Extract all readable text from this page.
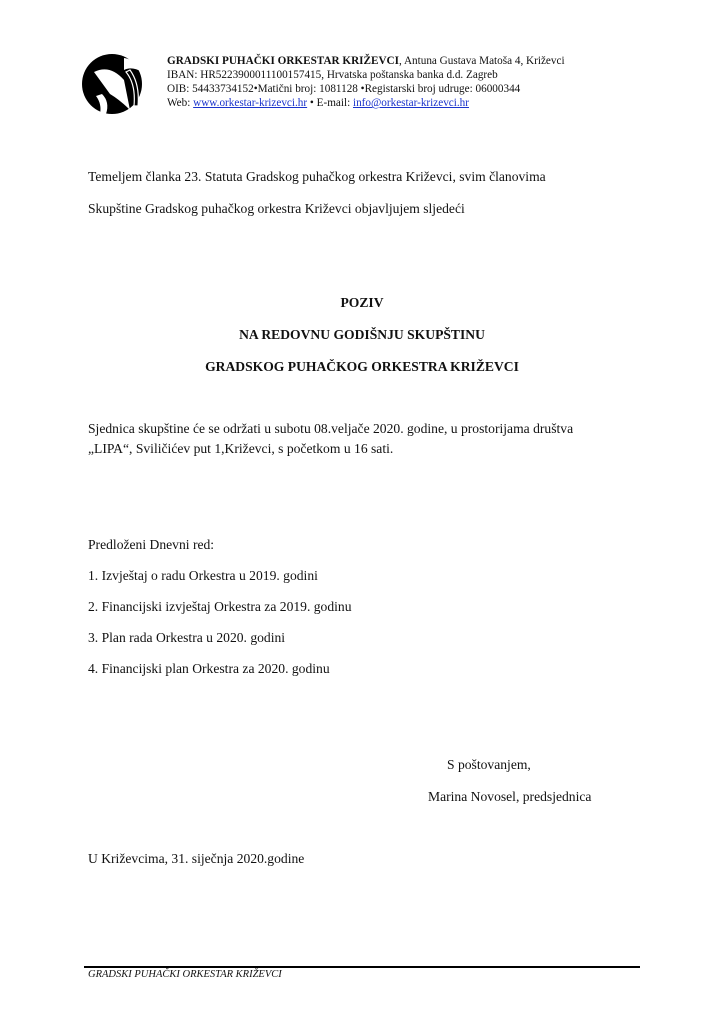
GRADSKI PUHAČKI ORKESTAR KRIŽEVCI, Antuna Gustava Matoša 4, Križevci
IBAN: HR5223900011100157415, Hrvatska poštanska banka d.d. Zagreb
OIB: 54433734152•Matični broj: 1081128 •Registarski broj udruge: 06000344
Web: www.orkestar-krizevci.hr • E-mail: info@orkestar-krizevci.hr
Temeljem članka 23. Statuta Gradskog puhačkog orkestra Križevci, svim članovima
Skupštine Gradskog puhačkog orkestra Križevci objavljujem sljedeći
POZIV
NA REDOVNU GODIŠNJU SKUPŠTINU
GRADSKOG PUHAČKOG ORKESTRA KRIŽEVCI
Sjednica skupštine će se održati u subotu 08.veljače 2020. godine, u prostorijama društva
„LIPA“, Sviličićev put 1,Križevci, s početkom u 16 sati.
Predloženi Dnevni red:
1. Izvještaj o radu Orkestra u 2019. godini
2. Financijski izvještaj Orkestra za 2019. godinu
3. Plan rada Orkestra u 2020. godini
4. Financijski plan Orkestra za 2020. godinu
S poštovanjem,
Marina Novosel, predsjednica
U Križevcima, 31. siječnja 2020.godine
GRADSKI PUHAČKI ORKESTAR KRIŽEVCI
